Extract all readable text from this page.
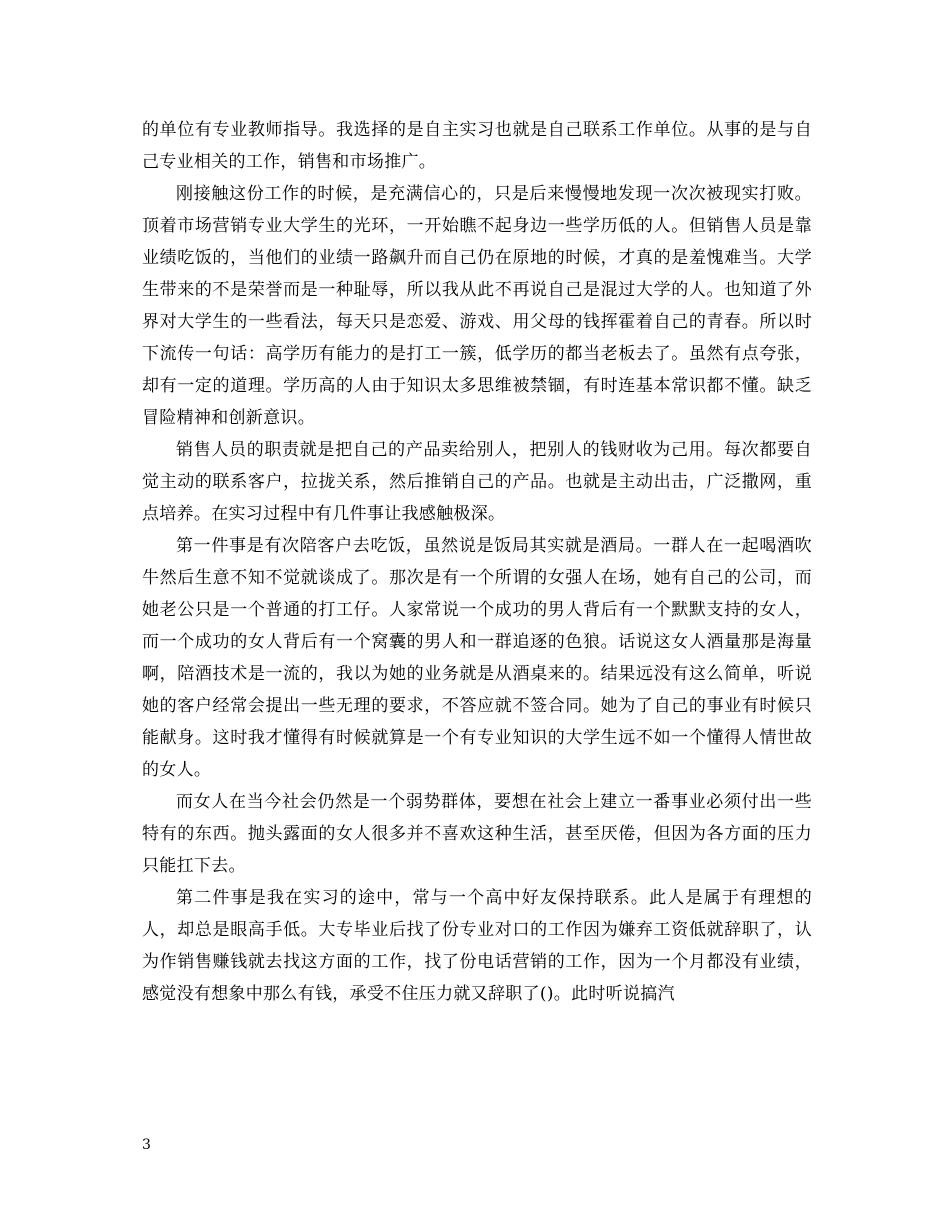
的单位有专业教师指导。我选择的是自主实习也就是自己联系工作单位。从事的是与自己专业相关的工作，销售和市场推广。

刚接触这份工作的时候，是充满信心的，只是后来慢慢地发现一次次被现实打败。顶着市场营销专业大学生的光环，一开始瞧不起身边一些学历低的人。但销售人员是靠业绩吃饭的，当他们的业绩一路飙升而自己仍在原地的时候，才真的是羞愧难当。大学生带来的不是荣誉而是一种耻辱，所以我从此不再说自己是混过大学的人。也知道了外界对大学生的一些看法，每天只是恋爱、游戏、用父母的钱挥霍着自己的青春。所以时下流传一句话：高学历有能力的是打工一簇，低学历的都当老板去了。虽然有点夸张，却有一定的道理。学历高的人由于知识太多思维被禁锢，有时连基本常识都不懂。缺乏冒险精神和创新意识。

销售人员的职责就是把自己的产品卖给别人，把别人的钱财收为己用。每次都要自觉主动的联系客户，拉拢关系，然后推销自己的产品。也就是主动出击，广泛撒网，重点培养。在实习过程中有几件事让我感触极深。

第一件事是有次陪客户去吃饭，虽然说是饭局其实就是酒局。一群人在一起喝酒吹牛然后生意不知不觉就谈成了。那次是有一个所谓的女强人在场，她有自己的公司，而她老公只是一个普通的打工仔。人家常说一个成功的男人背后有一个默默支持的女人，而一个成功的女人背后有一个窝囊的男人和一群追逐的色狼。话说这女人酒量那是海量啊，陪酒技术是一流的，我以为她的业务就是从酒桌来的。结果远没有这么简单，听说她的客户经常会提出一些无理的要求，不答应就不签合同。她为了自己的事业有时候只能献身。这时我才懂得有时候就算是一个有专业知识的大学生远不如一个懂得人情世故的女人。

而女人在当今社会仍然是一个弱势群体，要想在社会上建立一番事业必须付出一些特有的东西。抛头露面的女人很多并不喜欢这种生活，甚至厌倦，但因为各方面的压力只能扛下去。

第二件事是我在实习的途中，常与一个高中好友保持联系。此人是属于有理想的人，却总是眼高手低。大专毕业后找了份专业对口的工作因为嫌弃工资低就辞职了，认为作销售赚钱就去找这方面的工作，找了份电话营销的工作，因为一个月都没有业绩，感觉没有想象中那么有钱，承受不住压力就又辞职了()。此时听说搞汽

3
